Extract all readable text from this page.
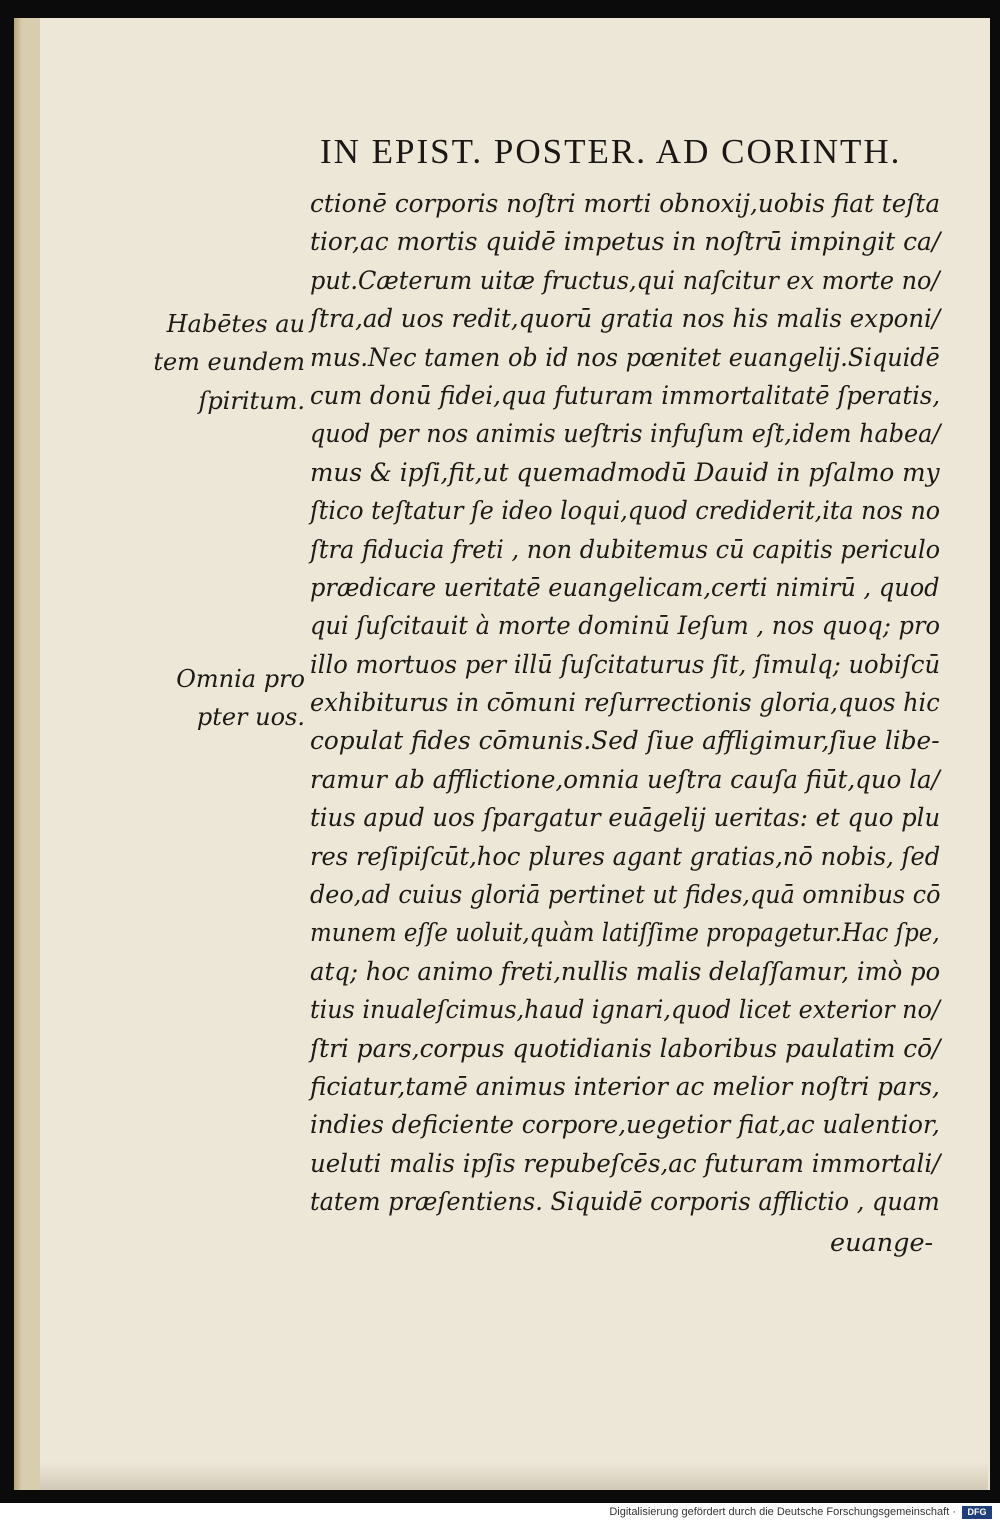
IN EPIST. POSTER. AD CORINTH.
Habētes au
tem eundem
ſpiritum.
Omnia pro
pter uos.
ctionē corporis noſtri morti obnoxij,uobis fiat teſta
tior,ac mortis quidē impetus in noſtrū impingit ca/
put.Cæterum uitæ fructus,qui naſcitur ex morte no/
ſtra,ad uos redit,quorū gratia nos his malis exponi/
mus.Nec tamen ob id nos pœnitet euangelij.Siquidē
cum donū fidei,qua futuram immortalitatē ſperatis,
quod per nos animis ueſtris infuſum eſt,idem habea/
mus & ipſi,fit,ut quemadmodū Dauid in pſalmo my
ſtico teſtatur ſe ideo loqui,quod crediderit,ita nos no
ſtra fiducia freti , non dubitemus cū capitis periculo
prædicare ueritatē euangelicam,certi nimirū , quod
qui ſuſcitauit à morte dominū Ieſum , nos quoq; pro
illo mortuos per illū ſuſcitaturus ſit, ſimulq; uobiſcū
exhibiturus in cōmuni reſurrectionis gloria,quos hic
copulat fides cōmunis.Sed ſiue affligimur,ſiue libe-
ramur ab afflictione,omnia ueſtra cauſa fiūt,quo la/
tius apud uos ſpargatur euāgelij ueritas: et quo plu
res reſipiſcūt,hoc plures agant gratias,nō nobis, ſed
deo,ad cuius gloriā pertinet ut fides,quā omnibus cō
munem eſſe uoluit,quàm latiſſime propagetur.Hac ſpe,
atq; hoc animo freti,nullis malis delaſſamur, imò po
tius inualeſcimus,haud ignari,quod licet exterior no/
ſtri pars,corpus quotidianis laboribus paulatim cō/
ficiatur,tamē animus interior ac melior noſtri pars,
indies deficiente corpore,uegetior fiat,ac ualentior,
ueluti malis ipſis repubeſcēs,ac futuram immortali/
tatem præſentiens. Siquidē corporis afflictio , quam
euange-
Digitalisierung gefördert durch die Deutsche Forschungsgemeinschaft ·	DFG
